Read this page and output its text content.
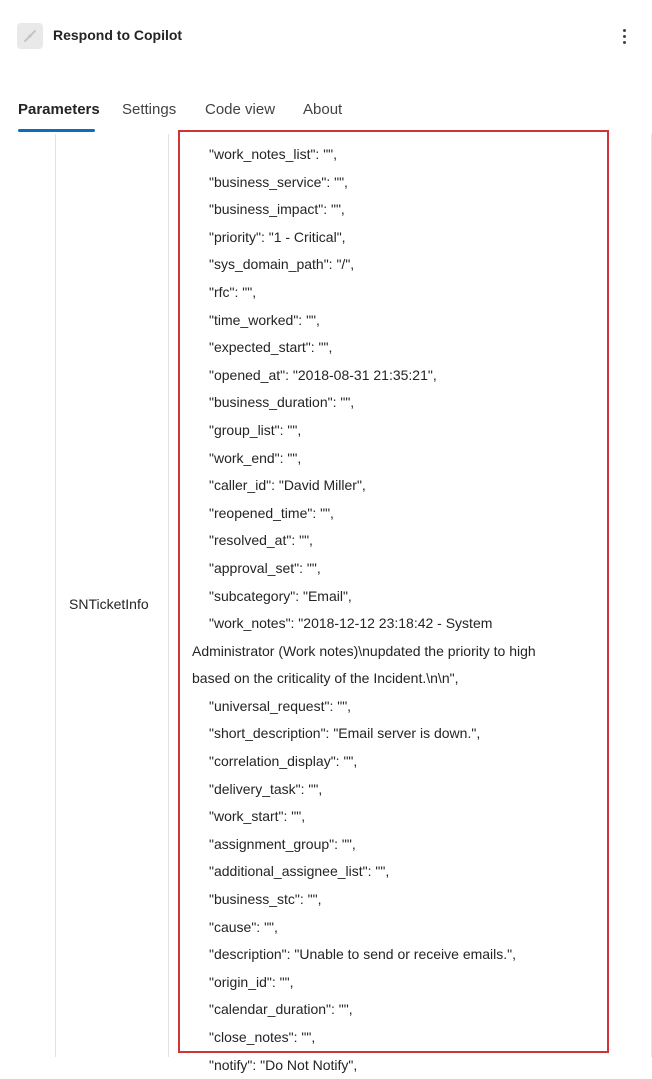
Respond to Copilot
Parameters Settings Code view About
SNTicketInfo
"work_notes_list": "",
"business_service": "",
"business_impact": "",
"priority": "1 - Critical",
"sys_domain_path": "/",
"rfc": "",
"time_worked": "",
"expected_start": "",
"opened_at": "2018-08-31 21:35:21",
"business_duration": "",
"group_list": "",
"work_end": "",
"caller_id": "David Miller",
"reopened_time": "",
"resolved_at": "",
"approval_set": "",
"subcategory": "Email",
"work_notes": "2018-12-12 23:18:42 - System
Administrator (Work notes)\nupdated the priority to high
based on the criticality of the Incident.\n\n",
"universal_request": "",
"short_description": "Email server is down.",
"correlation_display": "",
"delivery_task": "",
"work_start": "",
"assignment_group": "",
"additional_assignee_list": "",
"business_stc": "",
"cause": "",
"description": "Unable to send or receive emails.",
"origin_id": "",
"calendar_duration": "",
"close_notes": "",
"notify": "Do Not Notify",
